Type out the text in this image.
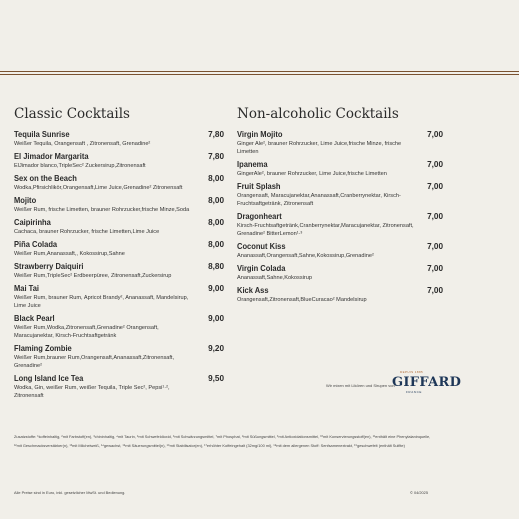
Classic Cocktails
Tequila Sunrise	7,80
Weißer Tequila, Orangensaft , Zitronensaft, Grenadine²
El Jimador Margarita	7,80
ElJimador blanco,TripleSec² Zuckersirup,Zitronensaft
Sex on the Beach	8,00
Wodka,Pfirsichlikör,Orangensaft,Lime Juice,Grenadine² Zitronensaft
Mojito	8,00
Weißer Rum, frische Limetten, brauner Rohrzucker,frische Minze,Soda
Caipirinha	8,00
Cachaca, brauner Rohrzucker, frische Limetten,Lime Juice
Piña Colada	8,00
Weißer Rum,Ananassaft,, Kokossirup,Sahne
Strawberry Daiquiri	8,80
Weißer Rum,TripleSec² Erdbeerpüree, Zitronensaft,Zuckersirup
Mai Tai	9,00
Weißer Rum, brauner Rum, Apricot Brandy², Ananassaft, Mandelsirup, Lime Juice
Black Pearl	9,00
Weißer Rum,Wodka,Zitronensaft,Grenadine² Orangensaft, Maracujanektar, Kirsch-Fruchtsaftgetränk
Flaming Zombie	9,20
Weißer Rum,brauner Rum,Orangensaft,Ananassaft,Zitronensaft, Grenadine²
Long Island Ice Tea	9,50
Wodka, Gin, weißer Rum, weißer Tequila, Triple Sec², Pepsi¹·², Zitronensaft
Non-alcoholic Cocktails
Virgin Mojito	7,00
Ginger Ale², brauner Rohrzucker, Lime Juice,frische Minze, frische Limetten
Ipanema	7,00
GingerAle², brauner Rohrzucker, Lime Juice,frische Limetten
Fruit Splash	7,00
Orangensaft, Maracujanektar,Ananassaft,Cranberrynektar, Kirsch-Fruchtsaftgetränk, Zitronensaft
Dragonheart	7,00
Kirsch-Fruchtsaftgetränk,Cranberrynektar,Maracujanektar, Zitronensaft, Grenadine² BitterLemon¹·³
Coconut Kiss	7,00
Ananassaft,Orangensaft,Sahne,Kokossirup,Grenadine²
Virgin Colada	7,00
Ananassaft,Sahne,Kokossirup
Kick Ass	7,00
Orangensaft,Zitronensaft,BlueCuracao² Mandelsirup
Wir mixen mit Likören und Sirupen von
DEPUIS 1885
GIFFARD
FRANCE

Zusatzstoffe: ¹koffeinhaltig, ²mit Farbstoff(en), ³chininhaltig, ⁴mit Taurin, ⁵mit Schwefeldioxid, ⁶mit Schwärzungsmittel, ⁷mit Phosphat, ⁸mit Süßungsmittel, ⁹mit Antioxidationsmittel, ¹⁰mit Konservierungsstoff(en), ¹¹enthält eine Phenylalaninquelle,

¹²mit Geschmacksverstärker(n), ¹³mit Milcheiweiß, ¹⁴gewachst, ¹⁵mit Säuerungsmittel(n), ¹⁶mit Stabilisator(en), ¹⁷erhöhter Koffeingehalt (32mg/100 ml), ¹⁸mit dem allergenen Stoff: Senfsamenextrakt, ¹⁹geschwefelt (enthält Sulfite)

Alle Preise sind in Euro, inkl. gesetzlicher MwSt. und Bedienung.	© 04/2025
